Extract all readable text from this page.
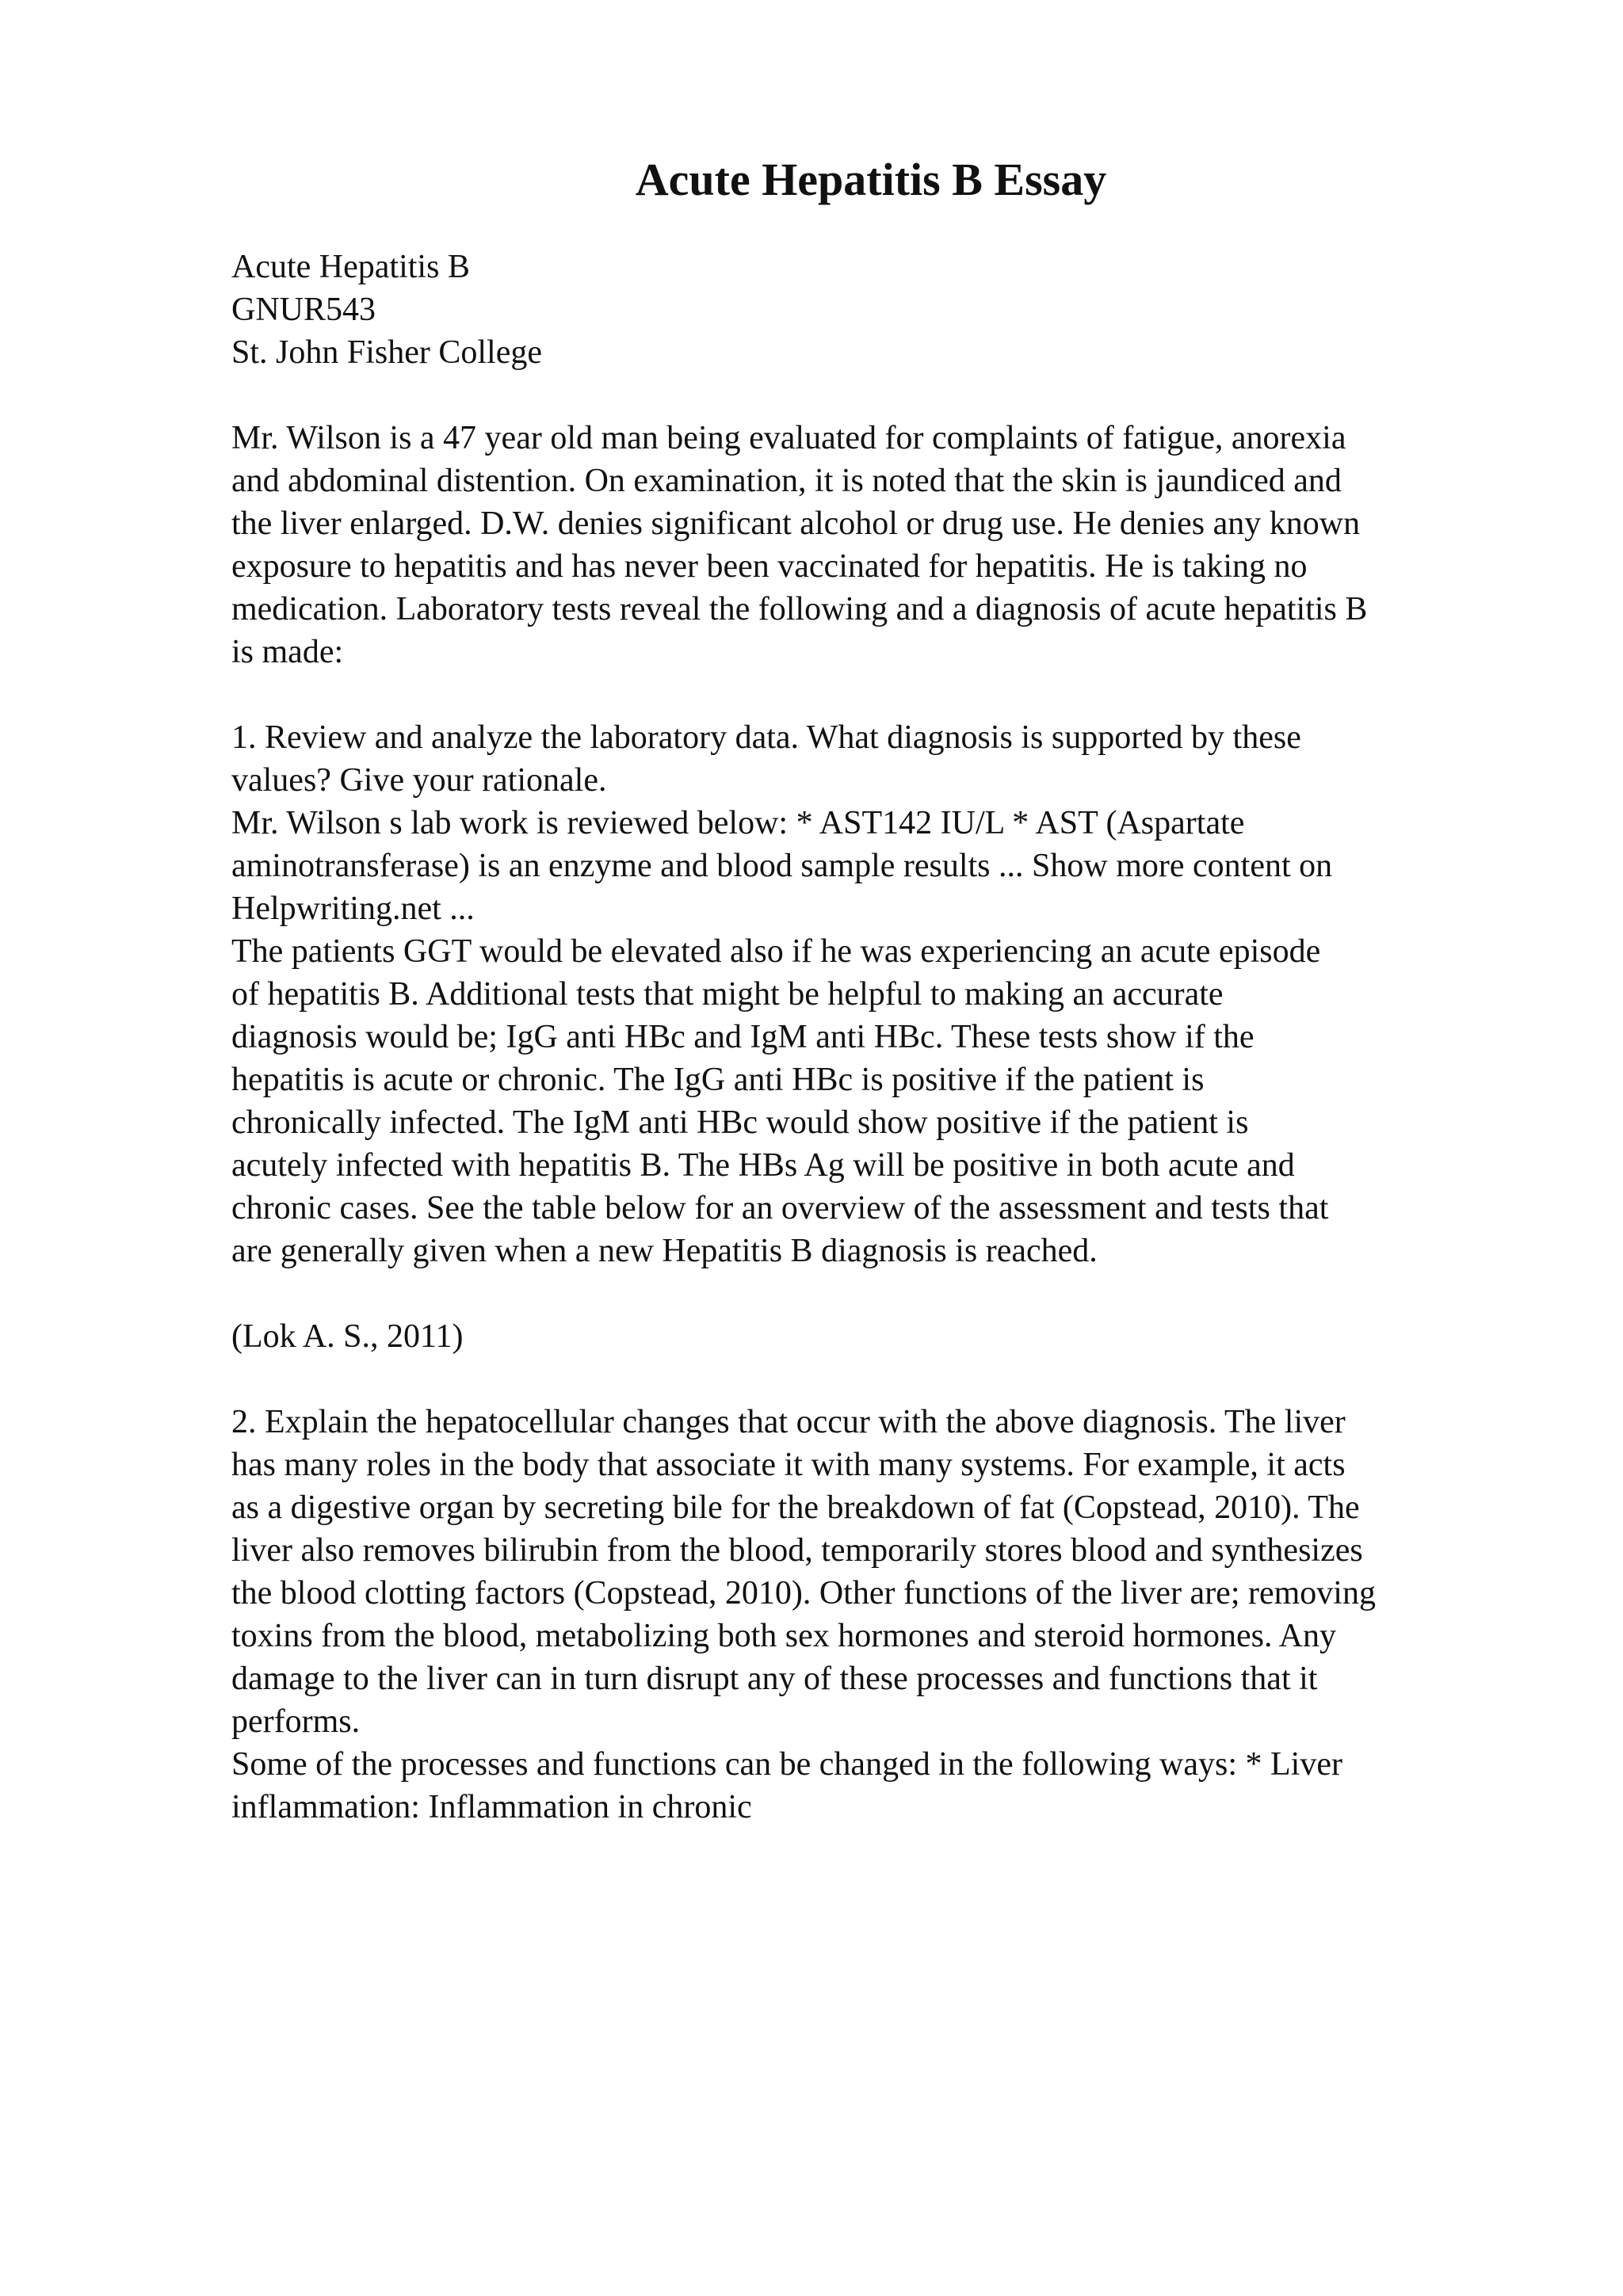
Acute Hepatitis B Essay
Acute Hepatitis B
GNUR543
St. John Fisher College
Mr. Wilson is a 47 year old man being evaluated for complaints of fatigue, anorexia
and abdominal distention. On examination, it is noted that the skin is jaundiced and
the liver enlarged. D.W. denies significant alcohol or drug use. He denies any known
exposure to hepatitis and has never been vaccinated for hepatitis. He is taking no
medication. Laboratory tests reveal the following and a diagnosis of acute hepatitis B
is made:
1. Review and analyze the laboratory data. What diagnosis is supported by these
values? Give your rationale.
Mr. Wilson s lab work is reviewed below: * AST142 IU/L * AST (Aspartate
aminotransferase) is an enzyme and blood sample results ... Show more content on
Helpwriting.net ...
The patients GGT would be elevated also if he was experiencing an acute episode
of hepatitis B. Additional tests that might be helpful to making an accurate
diagnosis would be; IgG anti HBc and IgM anti HBc. These tests show if the
hepatitis is acute or chronic. The IgG anti HBc is positive if the patient is
chronically infected. The IgM anti HBc would show positive if the patient is
acutely infected with hepatitis B. The HBs Ag will be positive in both acute and
chronic cases. See the table below for an overview of the assessment and tests that
are generally given when a new Hepatitis B diagnosis is reached.
(Lok A. S., 2011)
2. Explain the hepatocellular changes that occur with the above diagnosis. The liver
has many roles in the body that associate it with many systems. For example, it acts
as a digestive organ by secreting bile for the breakdown of fat (Copstead, 2010). The
liver also removes bilirubin from the blood, temporarily stores blood and synthesizes
the blood clotting factors (Copstead, 2010). Other functions of the liver are; removing
toxins from the blood, metabolizing both sex hormones and steroid hormones. Any
damage to the liver can in turn disrupt any of these processes and functions that it
performs.
Some of the processes and functions can be changed in the following ways: * Liver
inflammation: Inflammation in chronic
